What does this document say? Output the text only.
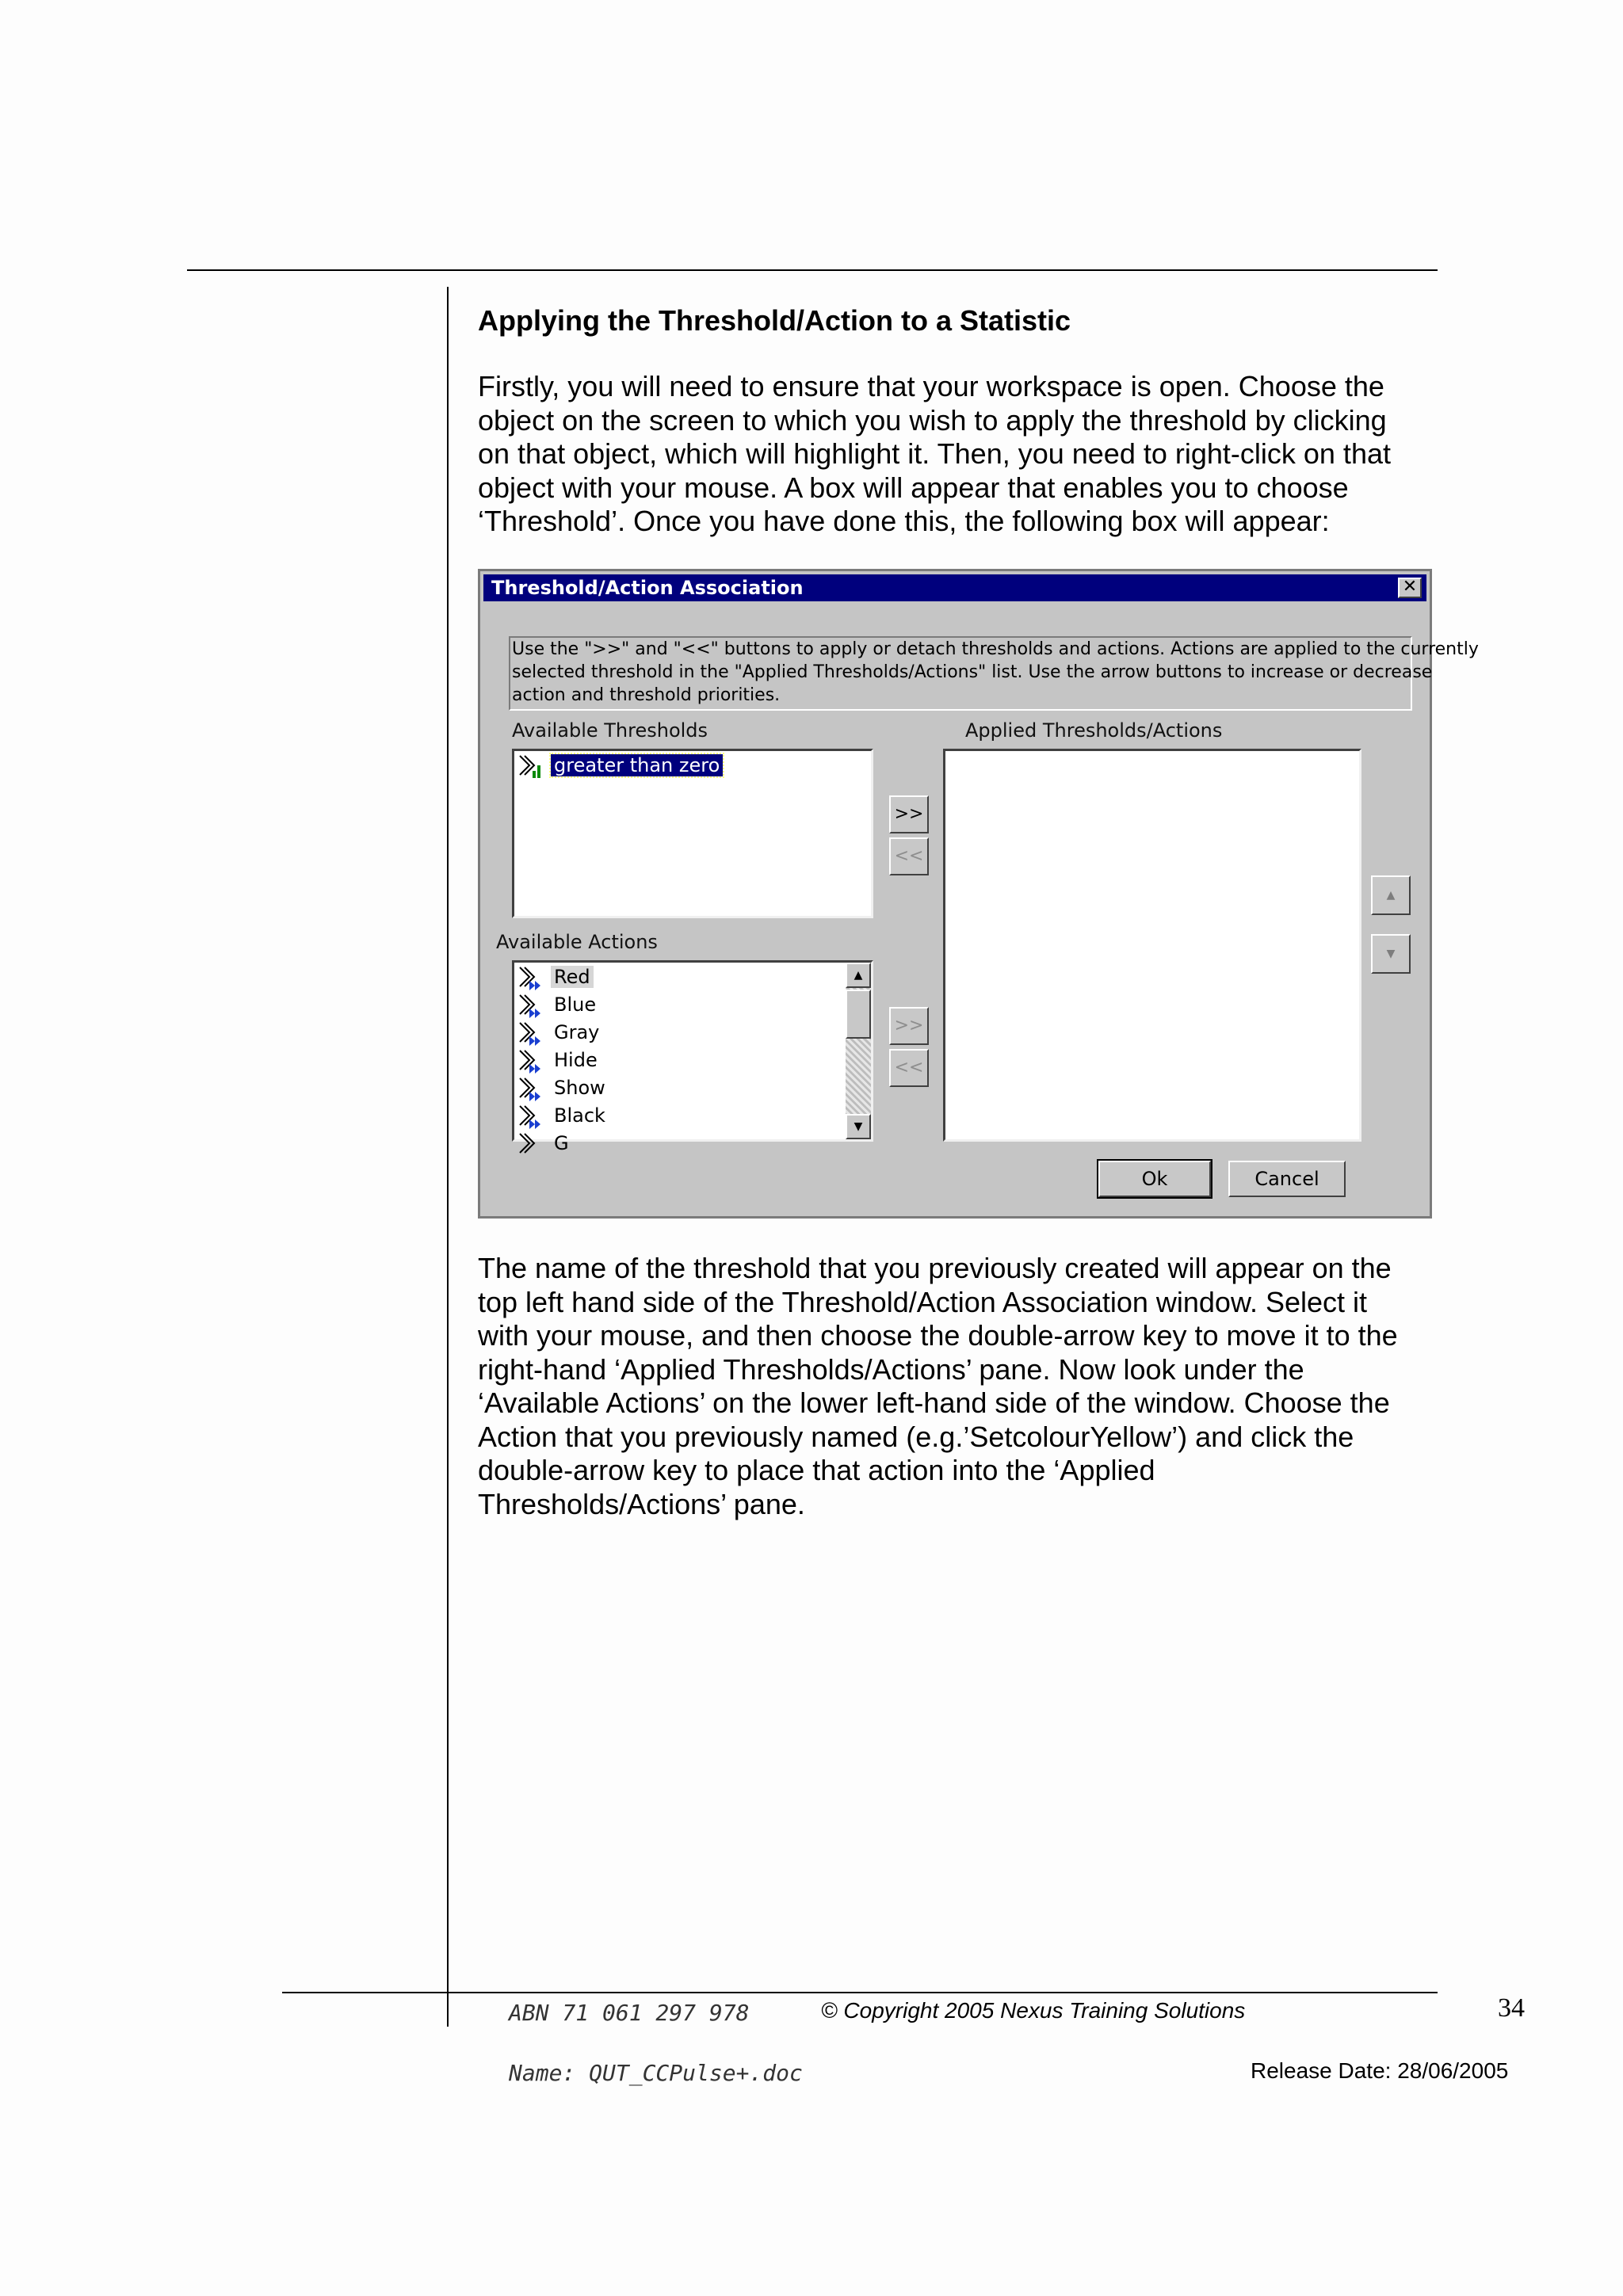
Applying the Threshold/Action to a Statistic

Firstly, you will need to ensure that your workspace is open. Choose the
object on the screen to which you wish to apply the threshold by clicking
on that object, which will highlight it. Then, you need to right-click on that
object with your mouse. A box will appear that enables you to choose
‘Threshold’. Once you have done this, the following box will appear:

Threshold/Action Association	✕
Use the ">>" and "<<" buttons to apply or detach thresholds and actions. Actions are applied to the currently
selected threshold in the "Applied Thresholds/Actions" list. Use the arrow buttons to increase or decrease
action and threshold priorities.
Available Thresholds	Applied Thresholds/Actions
greater than zero
>>
<<
▲
▼
Available Actions
Red
Blue
Gray
Hide
Show
Black
G
▲
▼
>>
<<
Ok	Cancel

The name of the threshold that you previously created will appear on the
top left hand side of the Threshold/Action Association window. Select it
with your mouse, and then choose the double-arrow key to move it to the
right-hand ‘Applied Thresholds/Actions’ pane. Now look under the
‘Available Actions’ on the lower left-hand side of the window. Choose the
Action that you previously named (e.g.’SetcolourYellow’) and click the
double-arrow key to place that action into the ‘Applied
Thresholds/Actions’ pane.

ABN 71 061 297 978	© Copyright 2005 Nexus Training Solutions	34
Name: QUT_CCPulse+.doc	Release Date: 28/06/2005
